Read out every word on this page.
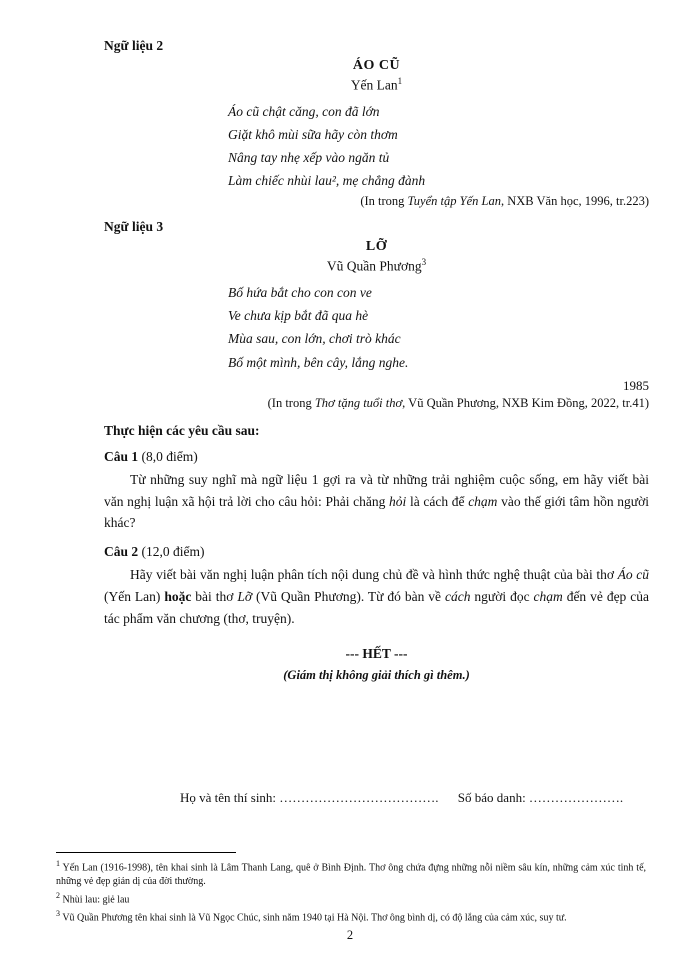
Ngữ liệu 2

ÁO CŨ

Yến Lan$^1$

Áo cũ chật căng, con đã lớn
Giặt khô mùi sữa hãy còn thơm
Nâng tay nhẹ xếp vào ngăn tủ
Làm chiếc nhùi lau², mẹ chẳng đành

(In trong Tuyển tập Yến Lan, NXB Văn học, 1996, tr.223)

Ngữ liệu 3

LỠ

Vũ Quần Phương$^3$

Bố hứa bắt cho con con ve
Ve chưa kịp bắt đã qua hè
Mùa sau, con lớn, chơi trò khác
Bố một mình, bên cây, lắng nghe.

1985

(In trong Thơ tặng tuổi thơ, Vũ Quần Phương, NXB Kim Đồng, 2022, tr.41)

Thực hiện các yêu cầu sau:

Câu 1 (8,0 điểm)

Từ những suy nghĩ mà ngữ liệu 1 gợi ra và từ những trải nghiệm cuộc sống, em hãy viết bài văn nghị luận xã hội trả lời cho câu hỏi: Phải chăng hỏi là cách để chạm vào thế giới tâm hồn người khác?

Câu 2 (12,0 điểm)

Hãy viết bài văn nghị luận phân tích nội dung chủ đề và hình thức nghệ thuật của bài thơ Áo cũ (Yến Lan) hoặc bài thơ Lỡ (Vũ Quần Phương). Từ đó bàn về cách người đọc chạm đến vẻ đẹp của tác phẩm văn chương (thơ, truyện).

--- HẾT ---

(Giám thị không giải thích gì thêm.)

Họ và tên thí sinh: ………………………………. Số báo danh: ………………….

$^1$ Yến Lan (1916-1998), tên khai sinh là Lâm Thanh Lang, quê ở Bình Định. Thơ ông chứa đựng những nỗi niềm sâu kín, những cảm xúc tinh tế, những vẻ đẹp giản dị của đời thường.

$^2$ Nhùi lau: giẻ lau

$^3$ Vũ Quần Phương tên khai sinh là Vũ Ngọc Chúc, sinh năm 1940 tại Hà Nội. Thơ ông bình dị, có độ lắng của cảm xúc, suy tư.

2
